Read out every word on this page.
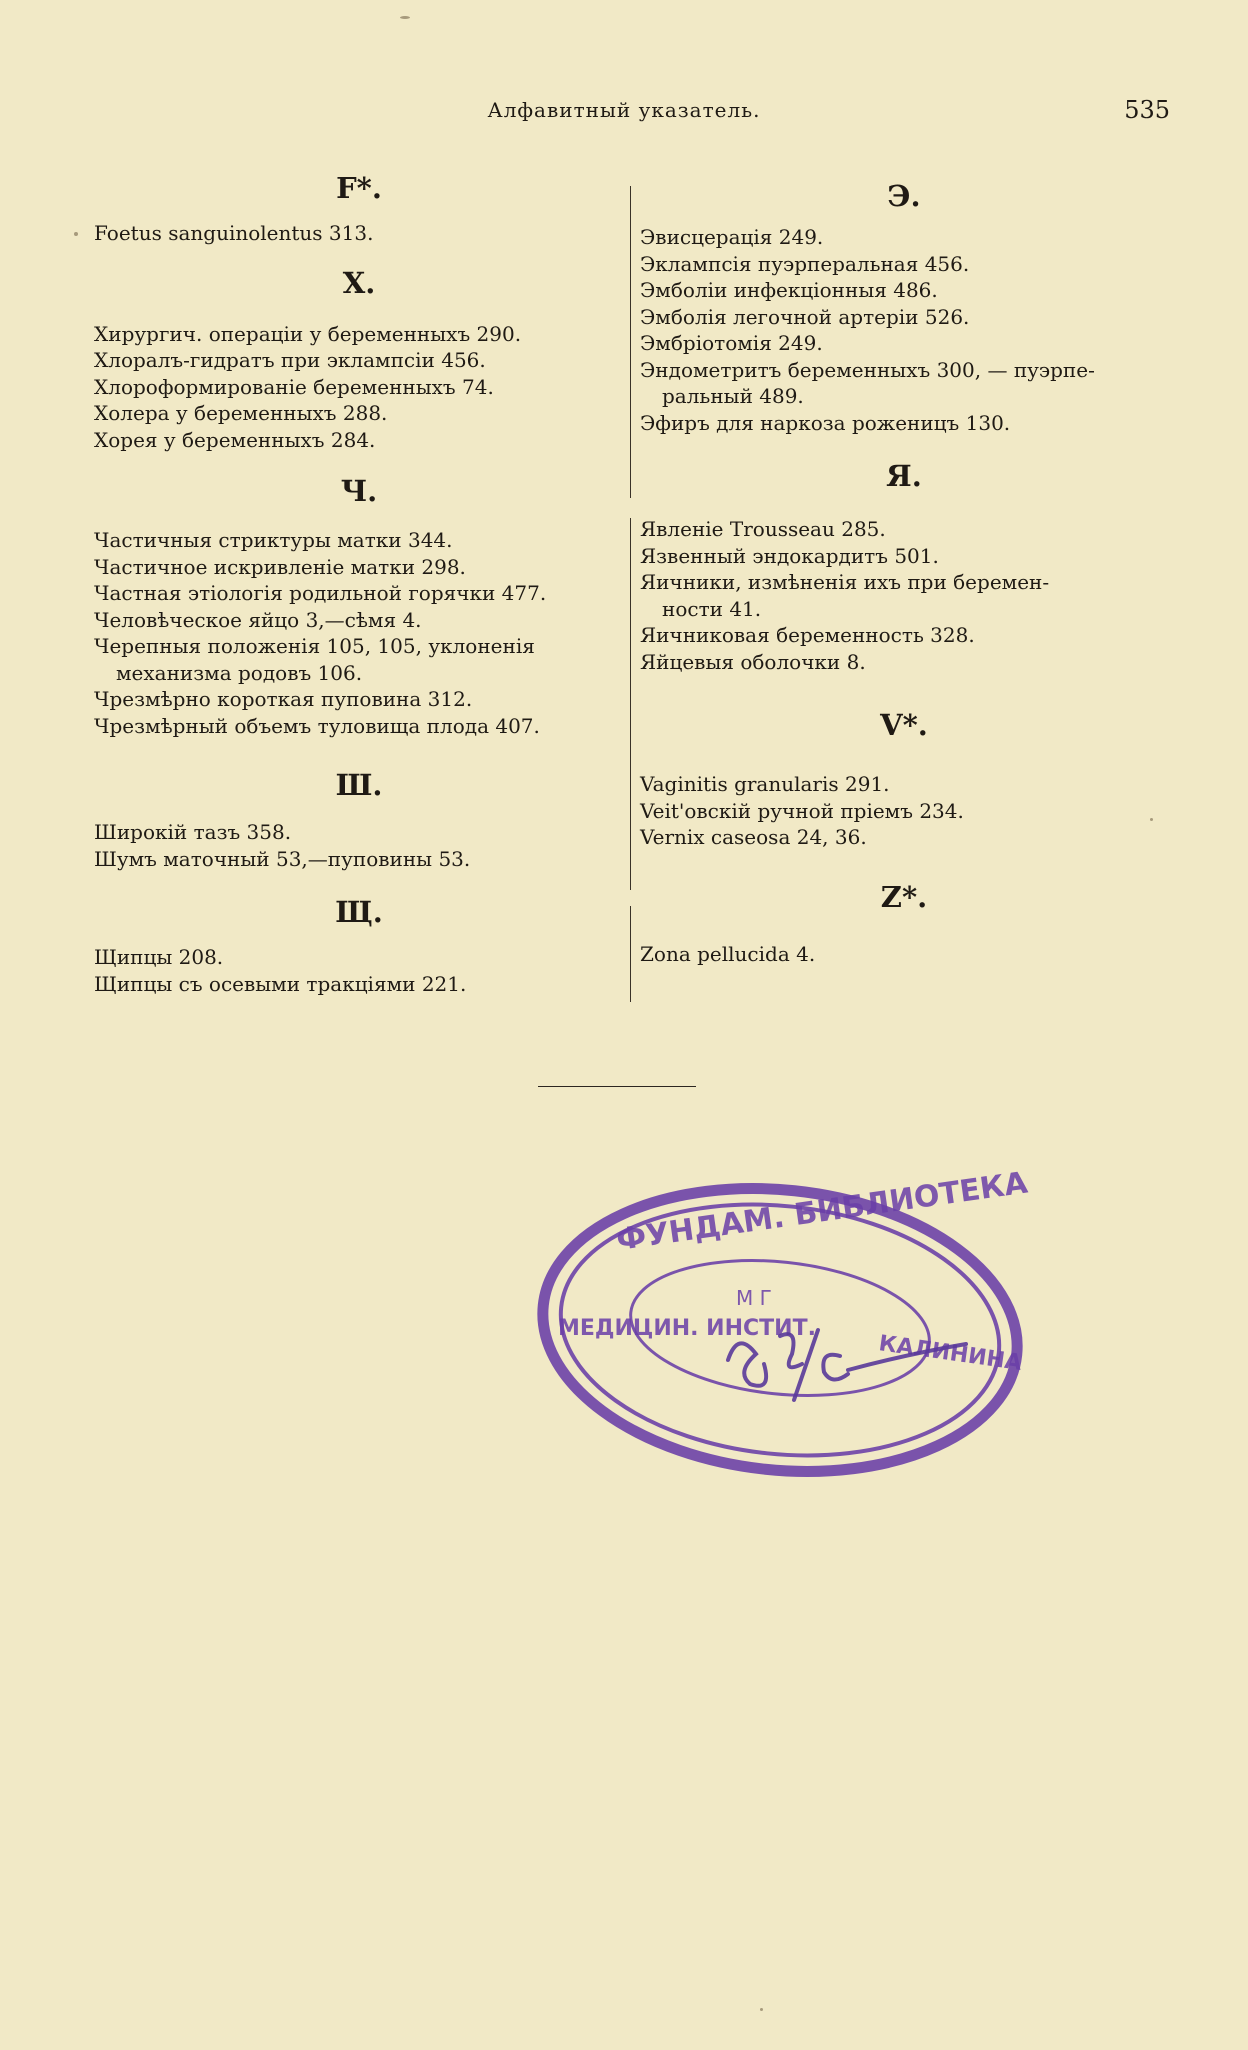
Алфавитный указатель.	535
F*.
Foetus sanguinolentus 313.
X.
Хирургич. операціи у беременныхъ 290.
Хлоралъ-гидратъ при эклампсіи 456.
Хлороформированіе беременныхъ 74.
Холера у беременныхъ 288.
Хорея у беременныхъ 284.
Ч.
Частичныя стриктуры матки 344.
Частичное искривленіе матки 298.
Частная этіологія родильной горячки 477.
Человѣческое яйцо 3,—сѣмя 4.
Черепныя положенія 105, 105, уклоненія
механизма родовъ 106.
Чрезмѣрно короткая пуповина 312.
Чрезмѣрный объемъ туловища плода 407.
Ш.
Широкій тазъ 358.
Шумъ маточный 53,—пуповины 53.
Щ.
Щипцы 208.
Щипцы съ осевыми тракціями 221.
Э.
Эвисцерація 249.
Эклампсія пуэрперальная 456.
Эмболіи инфекціонныя 486.
Эмболія легочной артеріи 526.
Эмбріотомія 249.
Эндометритъ беременныхъ 300, — пуэрпе-
ральный 489.
Эфиръ для наркоза роженицъ 130.
Я.
Явленіе Trousseau 285.
Язвенный эндокардитъ 501.
Яичники, измѣненія ихъ при беремен-
ности 41.
Яичниковая беременность 328.
Яйцевыя оболочки 8.
V*.
Vaginitis granularis 291.
Veit'овскій ручной пріемъ 234.
Vernix caseosa 24, 36.
Z*.
Zona pellucida 4.
ФУНДАМ. БИБЛИОТЕКА
М Г
МЕДИЦИН. ИНСТИТ.
КАЛИНИНА
